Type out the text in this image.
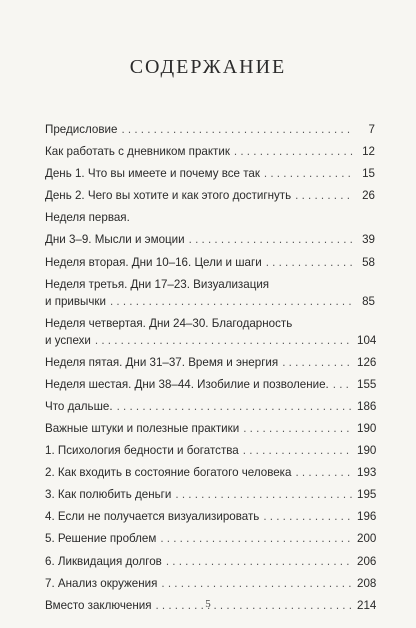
СОДЕРЖАНИЕ
Предисловие . . .	7
Как работать с дневником практик . . .	12
День 1. Что вы имеете и почему все так . . .	15
День 2. Чего вы хотите и как этого достигнуть . . .	26
Неделя первая.
Дни 3–9. Мысли и эмоции . . .	39
Неделя вторая. Дни 10–16. Цели и шаги . . .	58
Неделя третья. Дни 17–23. Визуализация
и привычки . . .	85
Неделя четвертая. Дни 24–30. Благодарность
и успехи . . .	104
Неделя пятая. Дни 31–37. Время и энергия . . .	126
Неделя шестая. Дни 38–44. Изобилие и позволение. . . . 155
Что дальше. . . .	186
Важные штуки и полезные практики . . .	190
1. Психология бедности и богатства . . .	190
2. Как входить в состояние богатого человека . . .	193
3. Как полюбить деньги . . .	195
4. Если не получается визуализировать . . .	196
5. Решение проблем . . .	200
6. Ликвидация долгов . . .	206
7. Анализ окружения . . .	208
Вместо заключения . . .	214
5
